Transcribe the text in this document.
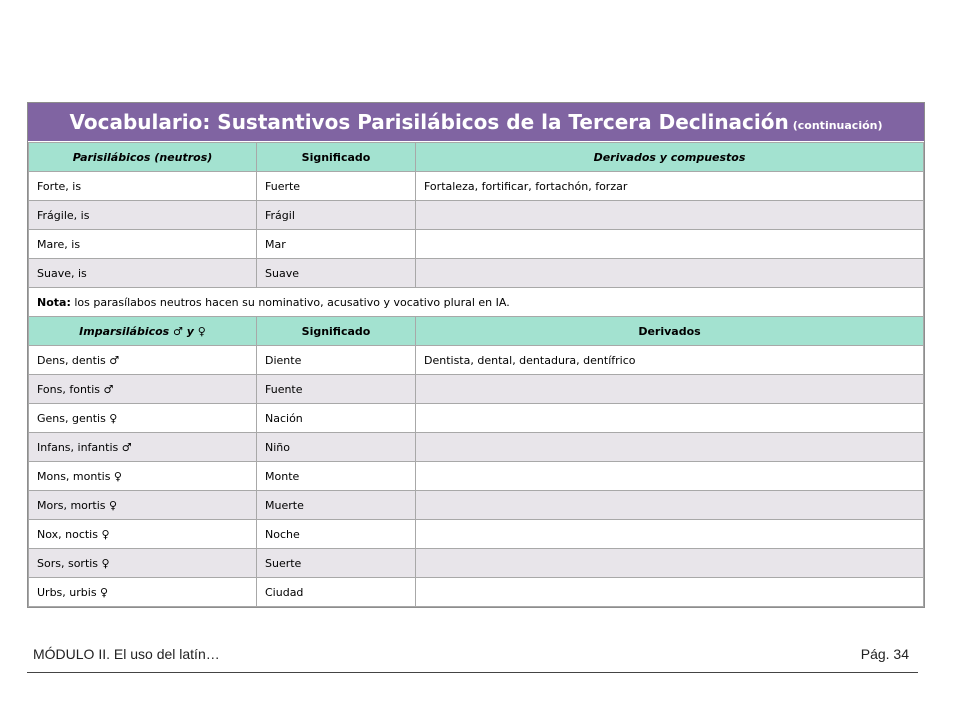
Vocabulario: Sustantivos Parisilábicos de la Tercera Declinación (continuación)
Parisilábicos (neutros)	Significado	Derivados y compuestos
Forte, is	Fuerte	Fortaleza, fortificar, fortachón, forzar
Frágile, is	Frágil	
Mare, is	Mar	
Suave, is	Suave	
Nota: los parasílabos neutros hacen su nominativo, acusativo y vocativo plural en IA.		
Imparsilábicos ♂ y ♀	Significado	Derivados
Dens, dentis ♂	Diente	Dentista, dental, dentadura, dentífrico
Fons, fontis ♂	Fuente	
Gens, gentis ♀	Nación	
Infans, infantis ♂	Niño	
Mons, montis ♀	Monte	
Mors, mortis ♀	Muerte	
Nox, noctis ♀	Noche	
Sors, sortis ♀	Suerte	
Urbs, urbis ♀	Ciudad	
MÓDULO II. El uso del latín…	Pág. 34
